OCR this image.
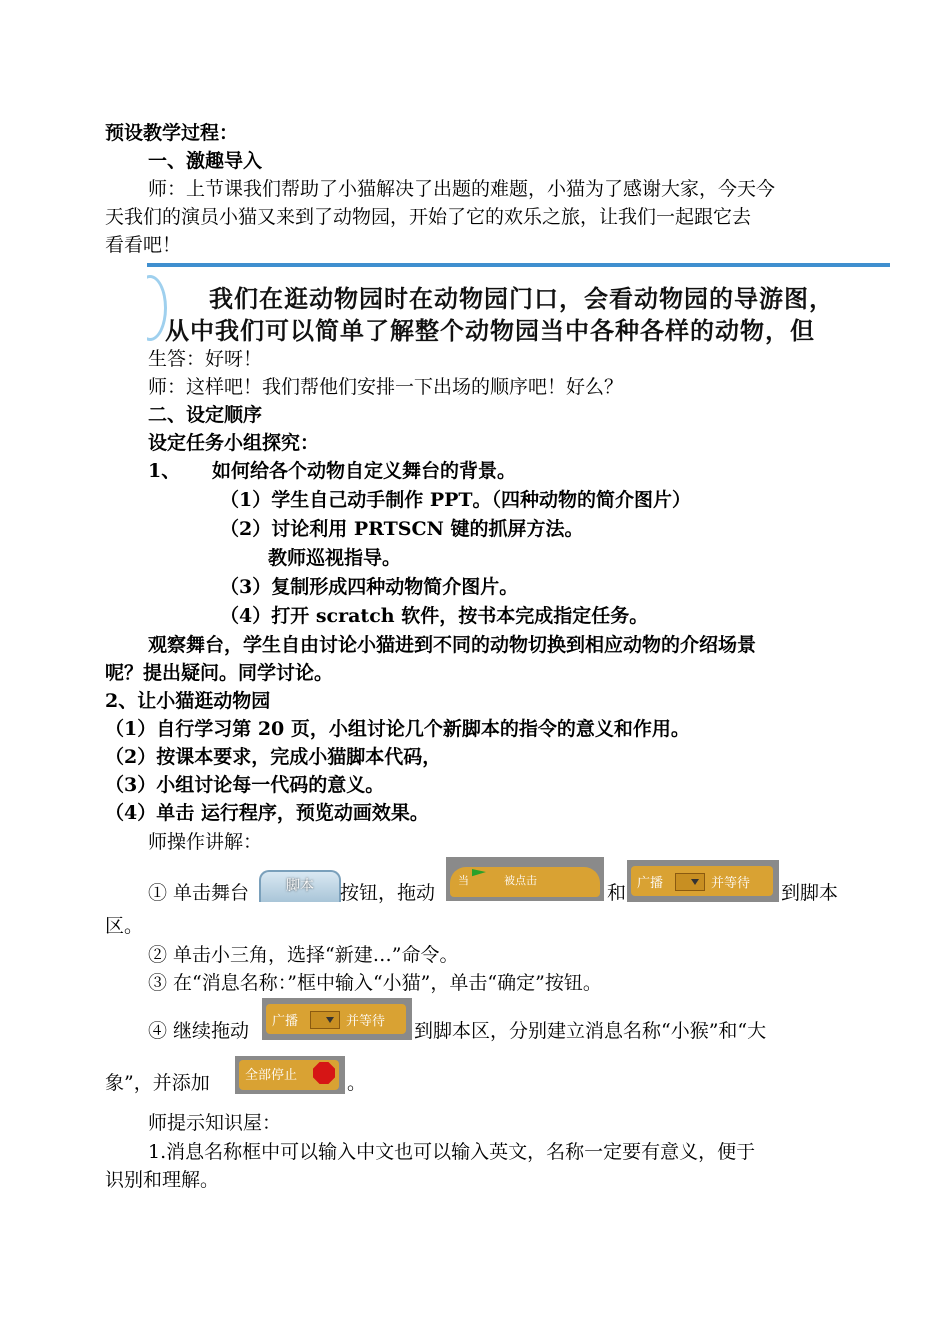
预设教学过程：
一、激趣导入
师：上节课我们帮助了小猫解决了出题的难题，小猫为了感谢大家，今天今
天我们的演员小猫又来到了动物园，开始了它的欢乐之旅，让我们一起跟它去
看看吧！
我们在逛动物园时在动物园门口，会看动物园的导游图，
从中我们可以简单了解整个动物园当中各种各样的动物，但
生答：好呀！
师：这样吧！我们帮他们安排一下出场的顺序吧！好么？
二、设定顺序
设定任务小组探究：
1、 如何给各个动物自定义舞台的背景。
（1）学生自己动手制作 PPT。（四种动物的简介图片）
（2）讨论利用 PRTSCN 键的抓屏方法。
教师巡视指导。
（3）复制形成四种动物简介图片。
（4）打开 scratch 软件，按书本完成指定任务。
观察舞台，学生自由讨论小猫进到不同的动物切换到相应动物的介绍场景
呢？提出疑问。同学讨论。
2、让小猫逛动物园
（1）自行学习第 20 页，小组讨论几个新脚本的指令的意义和作用。
（2）按课本要求，完成小猫脚本代码，
（3）小组讨论每一代码的意义。
（4）单击 运行程序，预览动画效果。
师操作讲解：
① 单击舞台	脚本	按钮，拖动
当	被点击
和 广播	并等待 到脚本
区。
② 单击小三角，选择“新建…”命令。
③ 在“消息名称：”框中输入“小猫”，单击“确定”按钮。
④ 继续拖动 广播	并等待 到脚本区，分别建立消息名称“小猴”和“大
象”，并添加	全部停止	。
师提示知识屋：
1.消息名称框中可以输入中文也可以输入英文，名称一定要有意义，便于
识别和理解。
